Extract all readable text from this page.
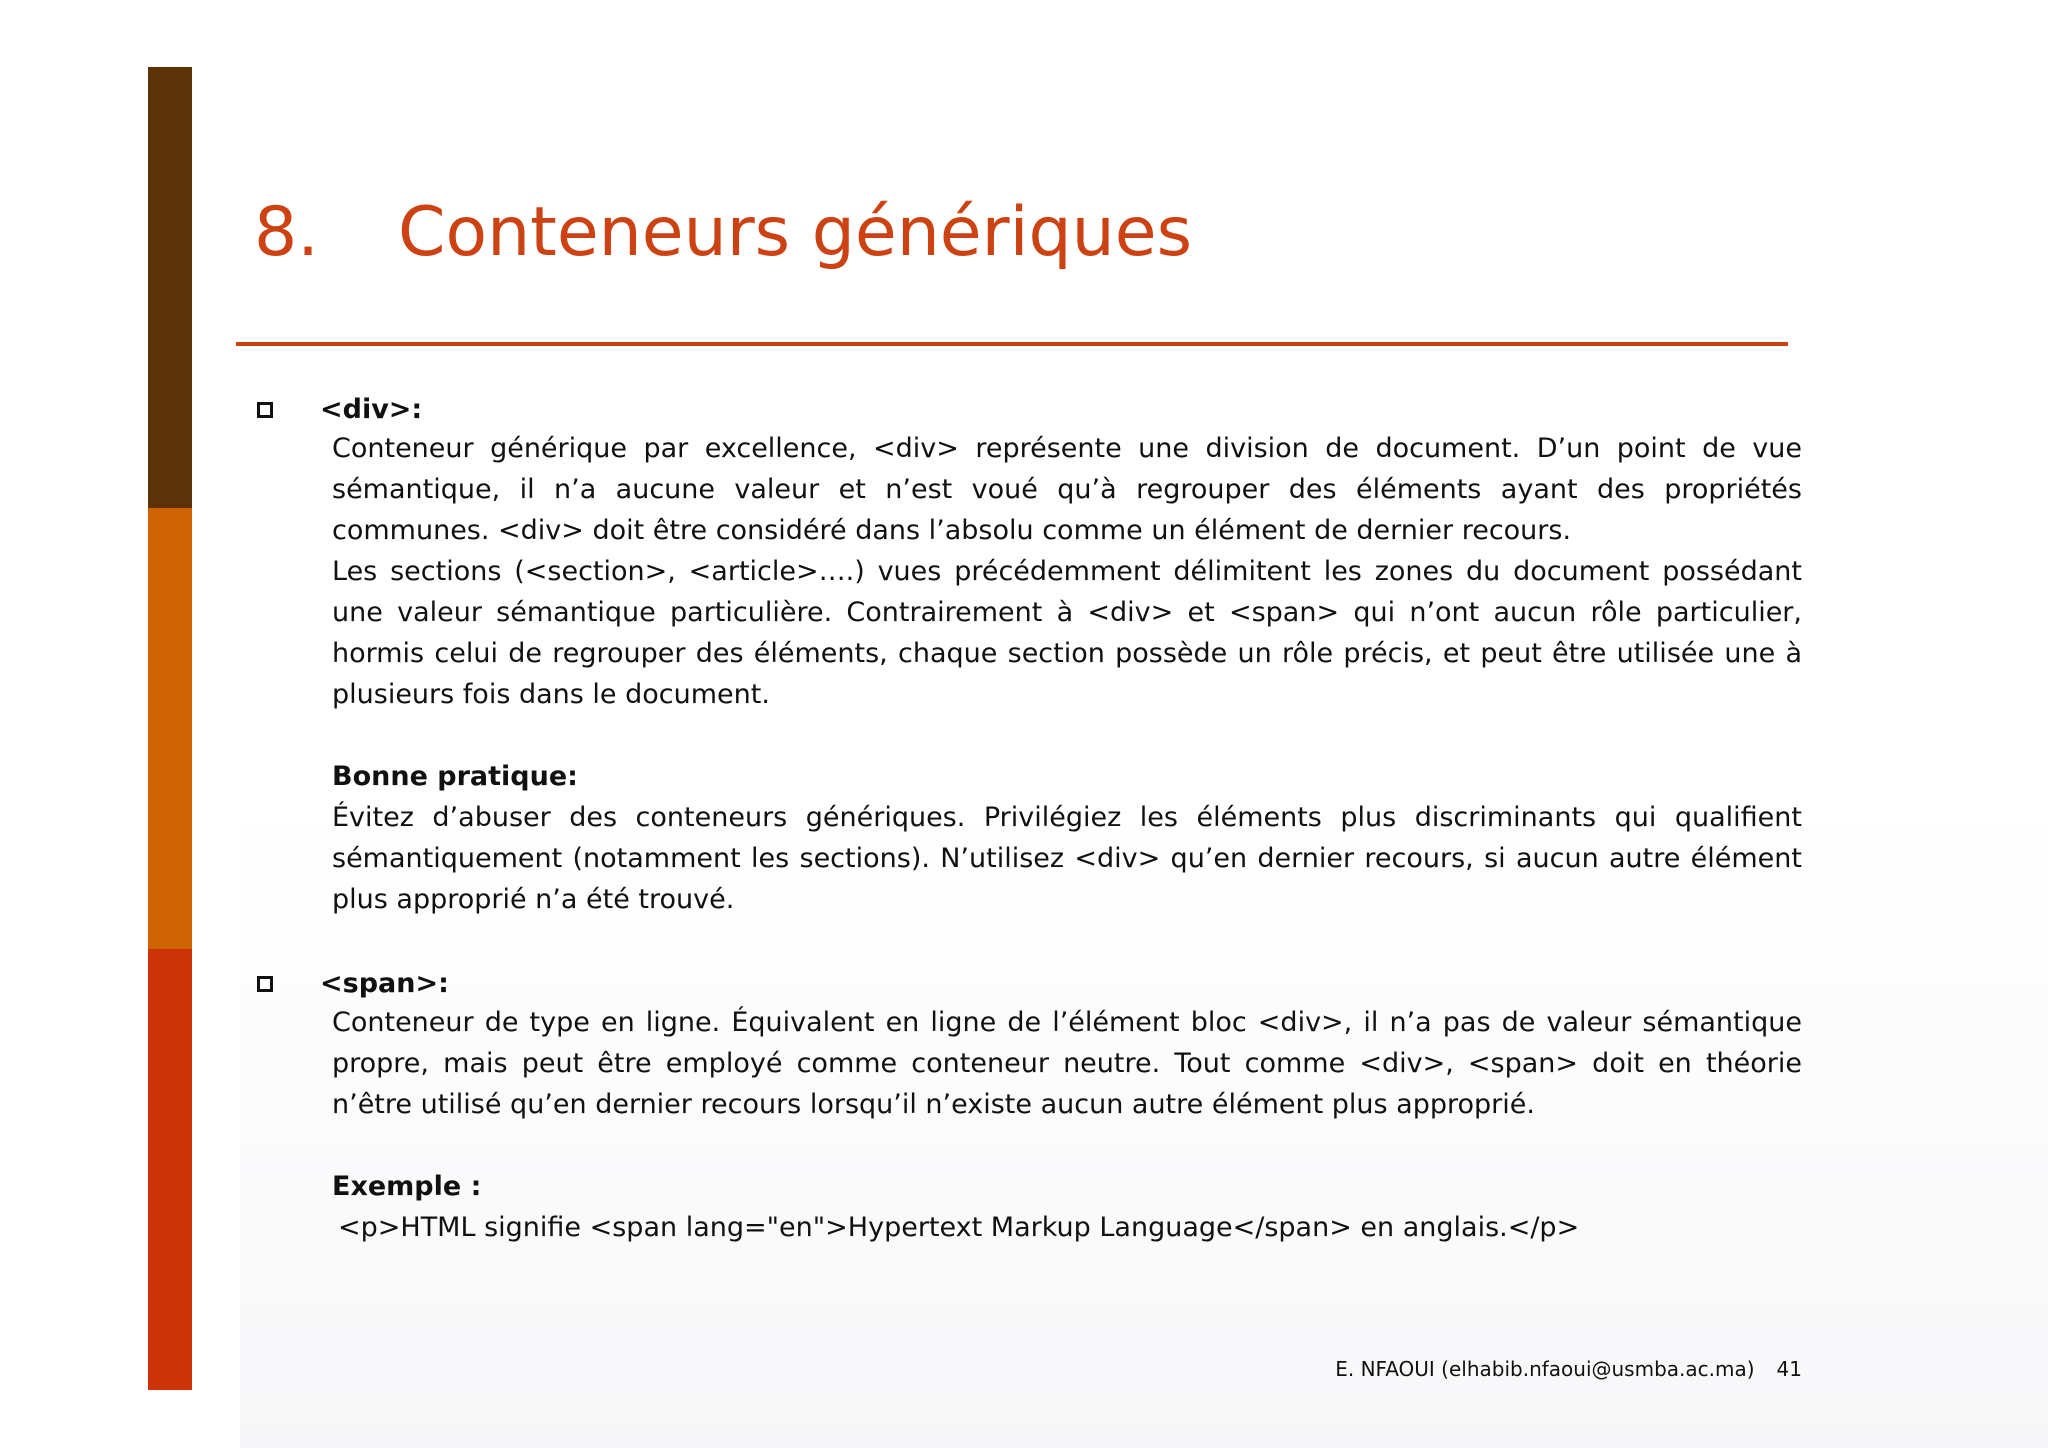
8. Conteneurs génériques
<div>:
Conteneur générique par excellence, <div> représente une division de document. D’un point de vue sémantique, il n’a aucune valeur et n’est voué qu’à regrouper des éléments ayant des propriétés communes. <div> doit être considéré dans l’absolu comme un élément de dernier recours.
Les sections (<section>, <article>….) vues précédemment délimitent les zones du document possédant une valeur sémantique particulière. Contrairement à <div> et <span> qui n’ont aucun rôle particulier, hormis celui de regrouper des éléments, chaque section possède un rôle précis, et peut être utilisée une à plusieurs fois dans le document.
Bonne pratique:
Évitez d’abuser des conteneurs génériques. Privilégiez les éléments plus discriminants qui qualifient sémantiquement (notamment les sections). N’utilisez <div> qu’en dernier recours, si aucun autre élément plus approprié n’a été trouvé.
<span>:
Conteneur de type en ligne. Équivalent en ligne de l’élément bloc <div>, il n’a pas de valeur sémantique propre, mais peut être employé comme conteneur neutre. Tout comme <div>, <span> doit en théorie n’être utilisé qu’en dernier recours lorsqu’il n’existe aucun autre élément plus approprié.
Exemple :
<p>HTML signifie <span lang="en">Hypertext Markup Language</span> en anglais.</p>
E. NFAOUI (elhabib.nfaoui@usmba.ac.ma) 41
